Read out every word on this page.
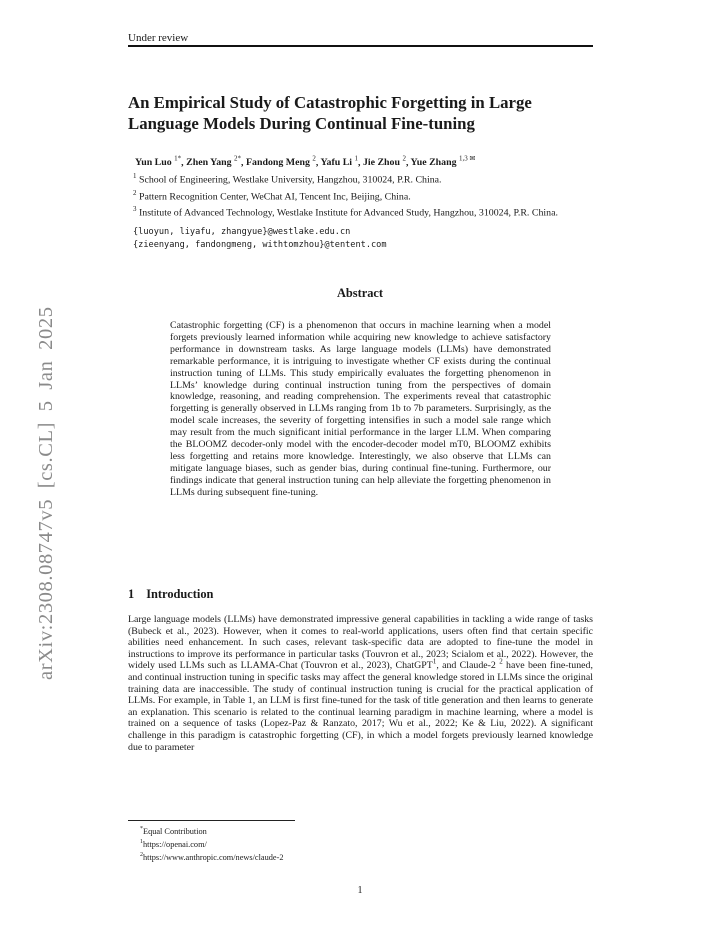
Under review
arXiv:2308.08747v5 [cs.CL] 5 Jan 2025
An Empirical Study of Catastrophic Forgetting in Large Language Models During Continual Fine-tuning
Yun Luo $^{1*}$, Zhen Yang $^{2*}$, Fandong Meng $^2$, Yafu Li $^1$, Jie Zhou $^2$, Yue Zhang $^{1,3 ✉}$
$^1$ School of Engineering, Westlake University, Hangzhou, 310024, P.R. China.
$^2$ Pattern Recognition Center, WeChat AI, Tencent Inc, Beijing, China.
$^3$ Institute of Advanced Technology, Westlake Institute for Advanced Study, Hangzhou, 310024, P.R. China.
{luoyun, liyafu, zhangyue}@westlake.edu.cn
{zieenyang, fandongmeng, withtomzhou}@tentent.com
Abstract

Catastrophic forgetting (CF) is a phenomenon that occurs in machine learning when a model forgets previously learned information while acquiring new knowledge to achieve satisfactory performance in downstream tasks. As large language models (LLMs) have demonstrated remarkable performance, it is intriguing to investigate whether CF exists during the continual instruction tuning of LLMs. This study empirically evaluates the forgetting phenomenon in LLMs’ knowledge during continual instruction tuning from the perspectives of domain knowledge, reasoning, and reading comprehension. The experiments reveal that catastrophic forgetting is generally observed in LLMs ranging from 1b to 7b parameters. Surprisingly, as the model scale increases, the severity of forgetting intensifies in such a model sale range which may result from the much significant initial performance in the larger LLM. When comparing the BLOOMZ decoder-only model with the encoder-decoder model mT0, BLOOMZ exhibits less forgetting and retains more knowledge. Interestingly, we also observe that LLMs can mitigate language biases, such as gender bias, during continual fine-tuning. Furthermore, our findings indicate that general instruction tuning can help alleviate the forgetting phenomenon in LLMs during subsequent fine-tuning.

1 Introduction

Large language models (LLMs) have demonstrated impressive general capabilities in tackling a wide range of tasks (Bubeck et al., 2023). However, when it comes to real-world applications, users often find that certain specific abilities need enhancement. In such cases, relevant task-specific data are adopted to fine-tune the model in instructions to improve its performance in particular tasks (Touvron et al., 2023; Scialom et al., 2022). However, the widely used LLMs such as LLAMA-Chat (Touvron et al., 2023), ChatGPT$^1$, and Claude-2 $^2$ have been fine-tuned, and continual instruction tuning in specific tasks may affect the general knowledge stored in LLMs since the original training data are inaccessible. The study of continual instruction tuning is crucial for the practical application of LLMs. For example, in Table 1, an LLM is first fine-tuned for the task of title generation and then learns to generate an explanation. This scenario is related to the continual learning paradigm in machine learning, where a model is trained on a sequence of tasks (Lopez-Paz & Ranzato, 2017; Wu et al., 2022; Ke & Liu, 2022). A significant challenge in this paradigm is catastrophic forgetting (CF), in which a model forgets previously learned knowledge due to parameter

*Equal Contribution
$^1$https://openai.com/
$^2$https://www.anthropic.com/news/claude-2
1
